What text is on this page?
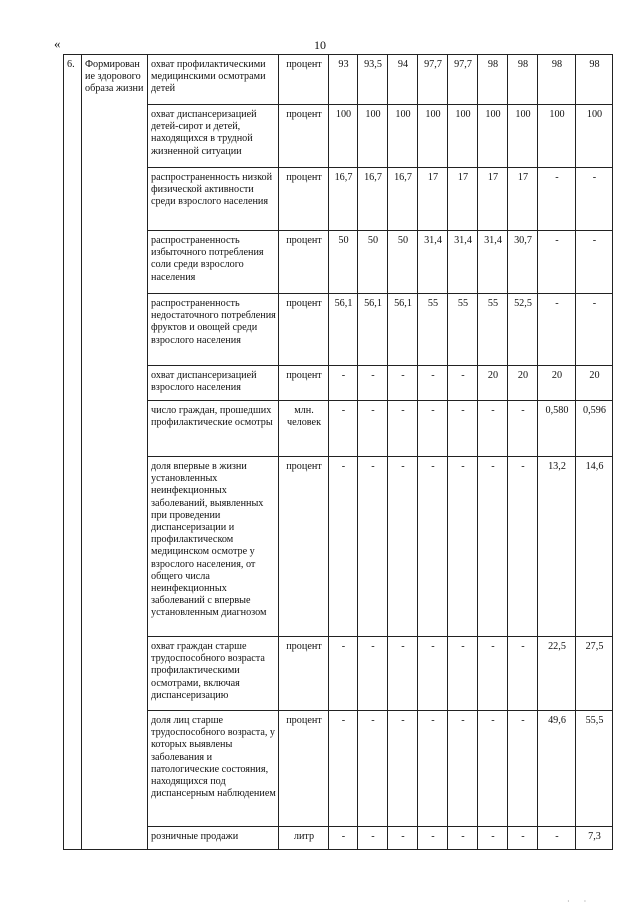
«	10
6.	Формирован ие здорового образа жизни	охват профилактическими медицинскими осмотрами детей	процент	93	93,5	94	97,7	97,7	98	98	98	98
		охват диспансеризацией детей-сирот и детей, находящихся в трудной жизненной ситуации	процент	100	100	100	100	100	100	100	100	100
		распространенность низкой физической активности среди взрослого населения	процент	16,7	16,7	16,7	17	17	17	17	-	-
		распространенность избыточного потребления соли среди взрослого населения	процент	50	50	50	31,4	31,4	31,4	30,7	-	-
		распространенность недостаточного потребления фруктов и овощей среди взрослого населения	процент	56,1	56,1	56,1	55	55	55	52,5	-	-
		охват диспансеризацией взрослого населения	процент	-	-	-	-	-	20	20	20	20
		число граждан, прошедших профилактические осмотры	млн. человек	-	-	-	-	-	-	-	0,580	0,596
		доля впервые в жизни установленных неинфекционных заболеваний, выявленных при проведении диспансеризации и профилактическом медицинском осмотре у взрослого населения, от общего числа неинфекционных заболеваний с впервые установленным диагнозом	процент	-	-	-	-	-	-	-	13,2	14,6
		охват граждан старше трудоспособного возраста профилактическими осмотрами, включая диспансеризацию	процент	-	-	-	-	-	-	-	22,5	27,5
		доля лиц старше трудоспособного возраста, у которых выявлены заболевания и патологические состояния, находящихся под диспансерным наблюдением	процент	-	-	-	-	-	-	-	49,6	55,5
		розничные продажи	литр	-	-	-	-	-	-	-	-	7,3
· ·
